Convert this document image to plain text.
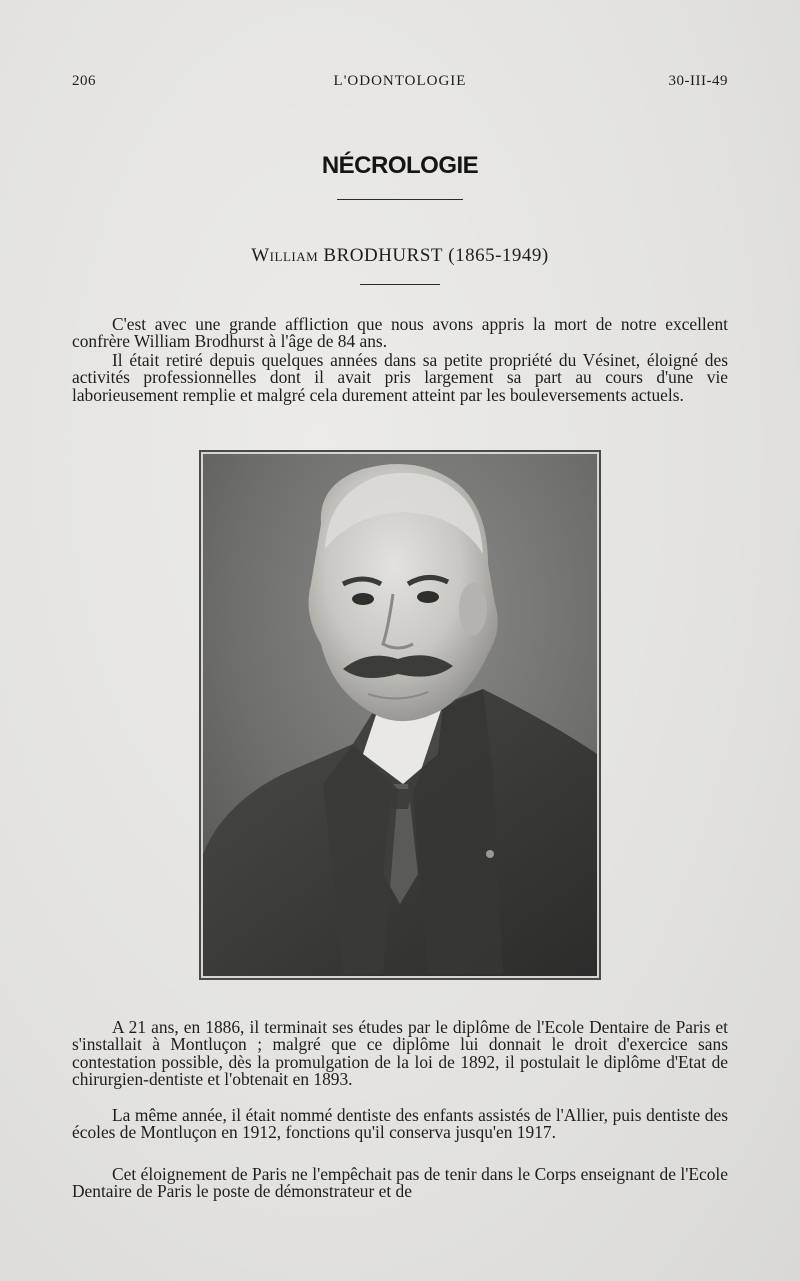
206	L'ODONTOLOGIE	30-III-49
NÉCROLOGIE
William BRODHURST (1865-1949)

C'est avec une grande affliction que nous avons appris la mort de notre excellent confrère William Brodhurst à l'âge de 84 ans.

Il était retiré depuis quelques années dans sa petite propriété du Vésinet, éloigné des activités professionnelles dont il avait pris largement sa part au cours d'une vie laborieusement remplie et malgré cela durement atteint par les bouleversements actuels.

A 21 ans, en 1886, il terminait ses études par le diplôme de l'Ecole Dentaire de Paris et s'installait à Montluçon ; malgré que ce diplôme lui donnait le droit d'exercice sans contestation possible, dès la promulgation de la loi de 1892, il postulait le diplôme d'Etat de chirurgien-dentiste et l'obtenait en 1893.

La même année, il était nommé dentiste des enfants assistés de l'Allier, puis dentiste des écoles de Montluçon en 1912, fonctions qu'il conserva jusqu'en 1917.

Cet éloignement de Paris ne l'empêchait pas de tenir dans le Corps enseignant de l'Ecole Dentaire de Paris le poste de démonstrateur et de
